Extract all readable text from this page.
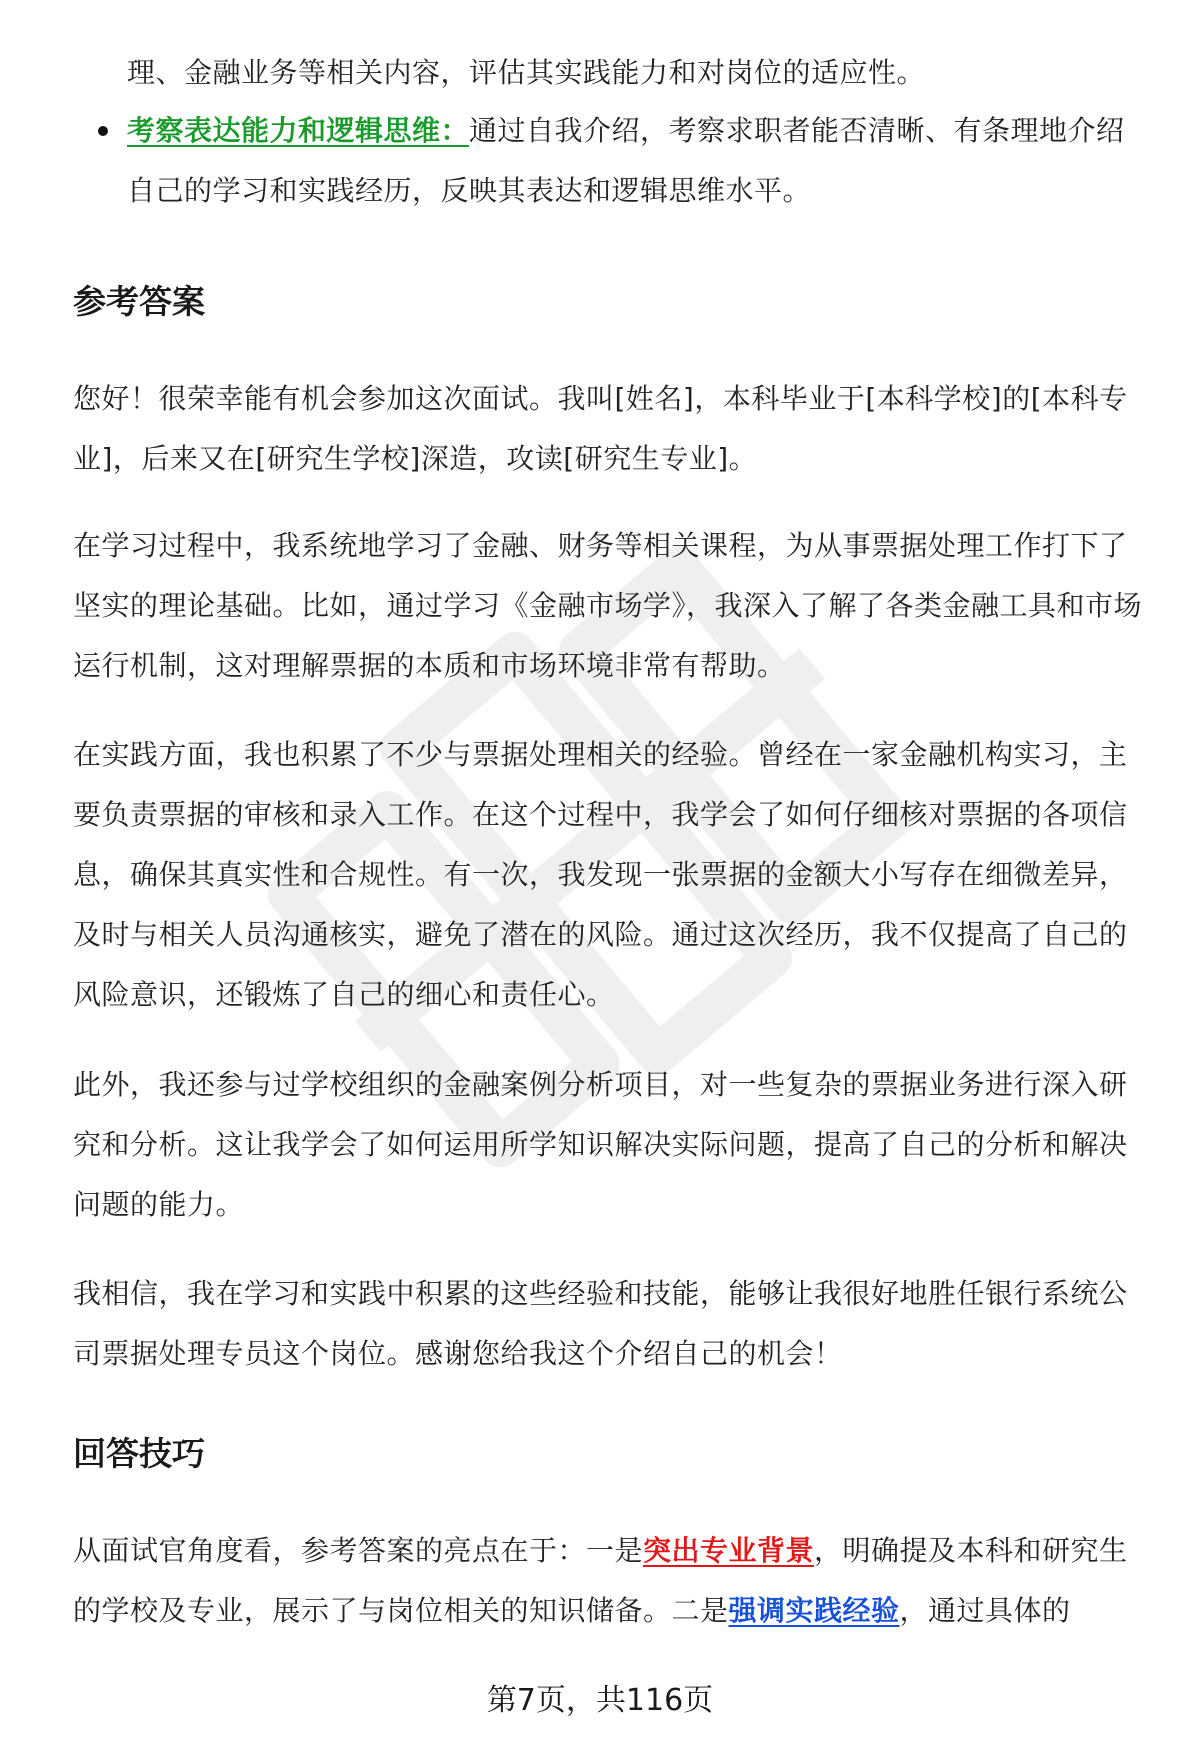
理、金融业务等相关内容，评估其实践能力和对岗位的适应性。

考察表达能力和逻辑思维：通过自我介绍，考察求职者能否清晰、有条理地介绍自己的学习和实践经历，反映其表达和逻辑思维水平。

参考答案

您好！很荣幸能有机会参加这次面试。我叫[姓名]，本科毕业于[本科学校]的[本科专业]，后来又在[研究生学校]深造，攻读[研究生专业]。

在学习过程中，我系统地学习了金融、财务等相关课程，为从事票据处理工作打下了坚实的理论基础。比如，通过学习《金融市场学》，我深入了解了各类金融工具和市场运行机制，这对理解票据的本质和市场环境非常有帮助。

在实践方面，我也积累了不少与票据处理相关的经验。曾经在一家金融机构实习，主要负责票据的审核和录入工作。在这个过程中，我学会了如何仔细核对票据的各项信息，确保其真实性和合规性。有一次，我发现一张票据的金额大小写存在细微差异，及时与相关人员沟通核实，避免了潜在的风险。通过这次经历，我不仅提高了自己的风险意识，还锻炼了自己的细心和责任心。

此外，我还参与过学校组织的金融案例分析项目，对一些复杂的票据业务进行深入研究和分析。这让我学会了如何运用所学知识解决实际问题，提高了自己的分析和解决问题的能力。

我相信，我在学习和实践中积累的这些经验和技能，能够让我很好地胜任银行系统公司票据处理专员这个岗位。感谢您给我这个介绍自己的机会！

回答技巧

从面试官角度看，参考答案的亮点在于：一是突出专业背景，明确提及本科和研究生的学校及专业，展示了与岗位相关的知识储备。二是强调实践经验，通过具体的

第7页，共116页
